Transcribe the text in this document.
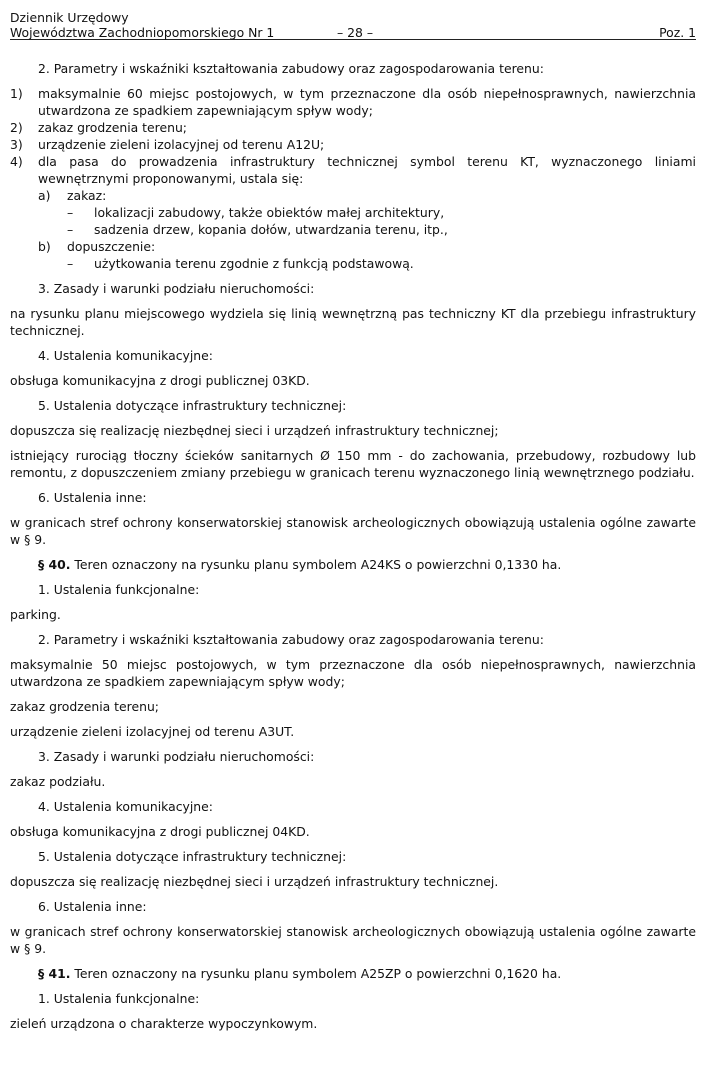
Dziennik Urzędowy
Województwa Zachodniopomorskiego Nr 1	– 28 –	Poz. 1

2. Parametry i wskaźniki kształtowania zabudowy oraz zagospodarowania terenu:

1) maksymalnie 60 miejsc postojowych, w tym przeznaczone dla osób niepełnosprawnych, nawierzchnia utwardzona ze spadkiem zapewniającym spływ wody;
2) zakaz grodzenia terenu;
3) urządzenie zieleni izolacyjnej od terenu A12U;
4) dla pasa do prowadzenia infrastruktury technicznej symbol terenu KT, wyznaczonego liniami wewnętrznymi proponowanymi, ustala się:
a) zakaz:
– lokalizacji zabudowy, także obiektów małej architektury,
– sadzenia drzew, kopania dołów, utwardzania terenu, itp.,
b) dopuszczenie:
– użytkowania terenu zgodnie z funkcją podstawową.

3. Zasady i warunki podziału nieruchomości:

na rysunku planu miejscowego wydziela się linią wewnętrzną pas techniczny KT dla przebiegu infrastruktury technicznej.

4. Ustalenia komunikacyjne:

obsługa komunikacyjna z drogi publicznej 03KD.

5. Ustalenia dotyczące infrastruktury technicznej:

dopuszcza się realizację niezbędnej sieci i urządzeń infrastruktury technicznej;

istniejący rurociąg tłoczny ścieków sanitarnych Ø 150 mm - do zachowania, przebudowy, rozbudowy lub remontu, z dopuszczeniem zmiany przebiegu w granicach terenu wyznaczonego linią wewnętrznego podziału.

6. Ustalenia inne:

w granicach stref ochrony konserwatorskiej stanowisk archeologicznych obowiązują ustalenia ogólne zawarte w § 9.

§ 40. Teren oznaczony na rysunku planu symbolem A24KS o powierzchni 0,1330 ha.

1. Ustalenia funkcjonalne:

parking.

2. Parametry i wskaźniki kształtowania zabudowy oraz zagospodarowania terenu:

maksymalnie 50 miejsc postojowych, w tym przeznaczone dla osób niepełnosprawnych, nawierzchnia utwardzona ze spadkiem zapewniającym spływ wody;

zakaz grodzenia terenu;

urządzenie zieleni izolacyjnej od terenu A3UT.

3. Zasady i warunki podziału nieruchomości:

zakaz podziału.

4. Ustalenia komunikacyjne:

obsługa komunikacyjna z drogi publicznej 04KD.

5. Ustalenia dotyczące infrastruktury technicznej:

dopuszcza się realizację niezbędnej sieci i urządzeń infrastruktury technicznej.

6. Ustalenia inne:

w granicach stref ochrony konserwatorskiej stanowisk archeologicznych obowiązują ustalenia ogólne zawarte w § 9.

§ 41. Teren oznaczony na rysunku planu symbolem A25ZP o powierzchni 0,1620 ha.

1. Ustalenia funkcjonalne:

zieleń urządzona o charakterze wypoczynkowym.
